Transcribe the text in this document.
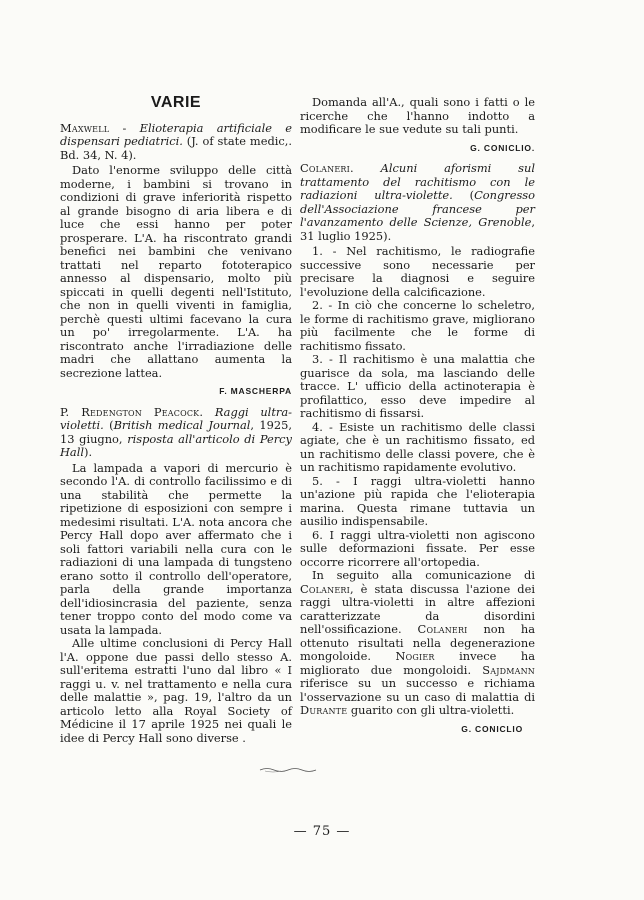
VARIE

Maxwell - Elioterapia artificiale e dispensari pediatrici. (J. of state medic,. Bd. 34, N. 4).

Dato l'enorme sviluppo delle città moderne, i bambini si trovano in condizioni di grave inferiorità rispetto al grande bisogno di aria libera e di luce che essi hanno per poter prosperare. L'A. ha riscontrato grandi benefici nei bambini che venivano trattati nel reparto fototerapico annesso al dispensario, molto più spiccati in quelli degenti nell'Istituto, che non in quelli viventi in famiglia, perchè questi ultimi facevano la cura un po' irregolarmente. L'A. ha riscontrato anche l'irradiazione delle madri che allattano aumenta la secrezione lattea.

F. MASCHERPA

P. Redengton Peacock. Raggi ultra-violetti. (British medical Journal, 1925, 13 giugno, risposta all'articolo di Percy Hall).

La lampada a vapori di mercurio è secondo l'A. di controllo facilissimo e di una stabilità che permette la ripetizione di esposizioni con sempre i medesimi risultati. L'A. nota ancora che Percy Hall dopo aver affermato che i soli fattori variabili nella cura con le radiazioni di una lampada di tungsteno erano sotto il controllo dell'operatore, parla della grande importanza dell'idiosincrasia del paziente, senza tener troppo conto del modo come va usata la lampada.

Alle ultime conclusioni di Percy Hall l'A. oppone due passi dello stesso A. sull'eritema estratti l'uno dal libro « I raggi u. v. nel trattamento e nella cura delle malattie », pag. 19, l'altro da un articolo letto alla Royal Society of Médicine il 17 aprile 1925 nei quali le idee di Percy Hall sono diverse .

Domanda all'A., quali sono i fatti o le ricerche che l'hanno indotto a modificare le sue vedute su tali punti.

G. CONICLIO.

Colaneri. Alcuni aforismi sul trattamento del rachitismo con le radiazioni ultra-violette. (Congresso dell'Associazione francese per l'avanzamento delle Scienze, Grenoble, 31 luglio 1925).

1. - Nel rachitismo, le radiografie successive sono necessarie per precisare la diagnosi e seguire l'evoluzione della calcificazione.

2. - In ciò che concerne lo scheletro, le forme di rachitismo grave, migliorano più facilmente che le forme di rachitismo fissato.

3. - Il rachitismo è una malattia che guarisce da sola, ma lasciando delle tracce. L' ufficio della actinoterapia è profilattico, esso deve impedire al rachitismo di fissarsi.

4. - Esiste un rachitismo delle classi agiate, che è un rachitismo fissato, ed un rachitismo delle classi povere, che è un rachitismo rapidamente evolutivo.

5. - I raggi ultra-violetti hanno un'azione più rapida che l'elioterapia marina. Questa rimane tuttavia un ausilio indispensabile.

6. I raggi ultra-violetti non agiscono sulle deformazioni fissate. Per esse occorre ricorrere all'ortopedia.

In seguito alla comunicazione di Colaneri, è stata discussa l'azione dei raggi ultra-violetti in altre affezioni caratterizzate da disordini nell'ossificazione. Colaneri non ha ottenuto risultati nella degenerazione mongoloide. Nogier invece ha migliorato due mongoloidi. Sajdmann riferisce su un successo e richiama l'osservazione su un caso di malattia di Durante guarito con gli ultra-violetti.

G. CONICLIO
— 75 —
